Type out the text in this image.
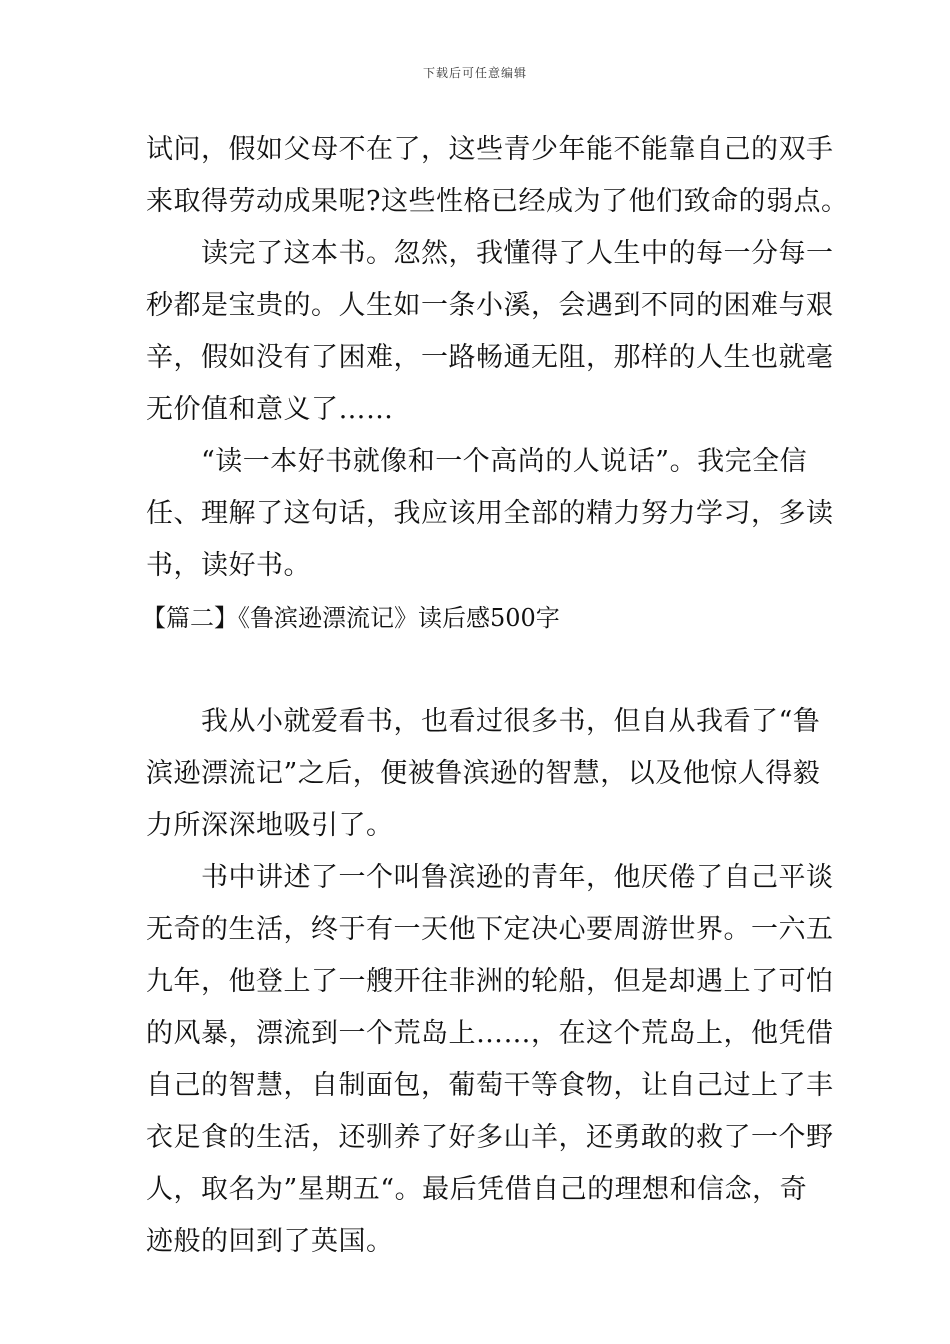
下载后可任意编辑
试问，假如父母不在了，这些青少年能不能靠自己的双手
来取得劳动成果呢?这些性格已经成为了他们致命的弱点。
　　读完了这本书。忽然，我懂得了人生中的每一分每一
秒都是宝贵的。人生如一条小溪，会遇到不同的困难与艰
辛，假如没有了困难，一路畅通无阻，那样的人生也就毫
无价值和意义了……
　　“读一本好书就像和一个高尚的人说话”。我完全信
任、理解了这句话，我应该用全部的精力努力学习，多读
书，读好书。
【篇二】《鲁滨逊漂流记》读后感500字
　　我从小就爱看书，也看过很多书，但自从我看了“鲁
滨逊漂流记”之后，便被鲁滨逊的智慧，以及他惊人得毅
力所深深地吸引了。
　　书中讲述了一个叫鲁滨逊的青年，他厌倦了自己平谈
无奇的生活，终于有一天他下定决心要周游世界。一六五
九年，他登上了一艘开往非洲的轮船，但是却遇上了可怕
的风暴，漂流到一个荒岛上……，在这个荒岛上，他凭借
自己的智慧，自制面包，葡萄干等食物，让自己过上了丰
衣足食的生活，还驯养了好多山羊，还勇敢的救了一个野
人，取名为”星期五“。最后凭借自己的理想和信念，奇
迹般的回到了英国。
